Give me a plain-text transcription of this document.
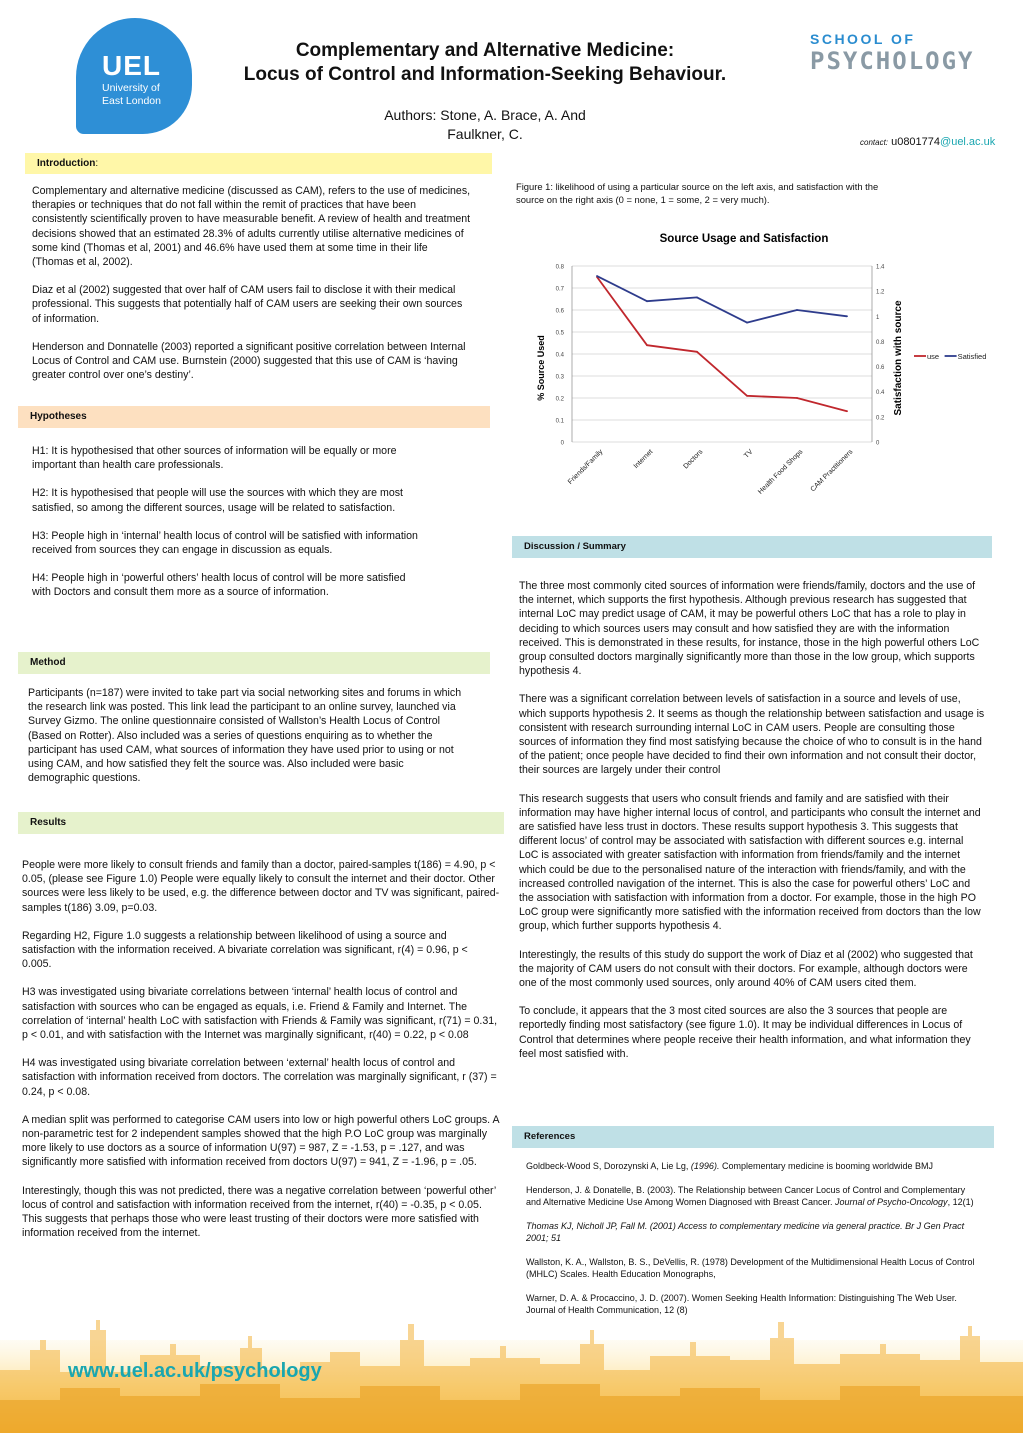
UEL
University of
East London
Complementary and Alternative Medicine:
Locus of Control and Information-Seeking Behaviour.
Authors: Stone, A. Brace, A. And
Faulkner, C.
SCHOOL OF
PSYCHOLOGY
contact: u0801774@uel.ac.uk
Introduction:

Complementary and alternative medicine (discussed as CAM), refers to the use of medicines, therapies or techniques that do not fall within the remit of practices that have been consistently scientifically proven to have measurable benefit. A review of health and treatment decisions showed that an estimated 28.3% of adults currently utilise alternative medicines of some kind (Thomas et al, 2001) and 46.6% have used them at some time in their life (Thomas et al, 2002).

Diaz et al (2002) suggested that over half of CAM users fail to disclose it with their medical professional. This suggests that potentially half of CAM users are seeking their own sources of information.

Henderson and Donnatelle (2003) reported a significant positive correlation between Internal Locus of Control and CAM use. Burnstein (2000) suggested that this use of CAM is ‘having greater control over one’s destiny’.

Hypotheses

H1: It is hypothesised that other sources of information will be equally or more important than health care professionals.

H2: It is hypothesised that people will use the sources with which they are most satisfied, so among the different sources, usage will be related to satisfaction.

H3: People high in ‘internal’ health locus of control will be satisfied with information received from sources they can engage in discussion as equals.

H4: People high in ‘powerful others’ health locus of control will be more satisfied with Doctors and consult them more as a source of information.

Method

Participants (n=187) were invited to take part via social networking sites and forums in which the research link was posted. This link lead the participant to an online survey, launched via Survey Gizmo. The online questionnaire consisted of Wallston’s Health Locus of Control (Based on Rotter). Also included was a series of questions enquiring as to whether the participant has used CAM, what sources of information they have used prior to using or not using CAM, and how satisfied they felt the source was. Also included were basic demographic questions.

Results

People were more likely to consult friends and family than a doctor, paired-samples t(186) = 4.90, p < 0.05, (please see Figure 1.0) People were equally likely to consult the internet and their doctor. Other sources were less likely to be used, e.g. the difference between doctor and TV was significant, paired-samples t(186) 3.09, p=0.03.

Regarding H2, Figure 1.0 suggests a relationship between likelihood of using a source and satisfaction with the information received. A bivariate correlation was significant, r(4) = 0.96, p < 0.005.

H3 was investigated using bivariate correlations between ‘internal’ health locus of control and satisfaction with sources who can be engaged as equals, i.e. Friend & Family and Internet. The correlation of ‘internal’ health LoC with satisfaction with Friends & Family was significant, r(71) = 0.31, p < 0.01, and with satisfaction with the Internet was marginally significant, r(40) = 0.22, p < 0.08

H4 was investigated using bivariate correlation between ‘external’ health locus of control and satisfaction with information received from doctors. The correlation was marginally significant, r (37) = 0.24, p < 0.08.

A median split was performed to categorise CAM users into low or high powerful others LoC groups. A non-parametric test for 2 independent samples showed that the high P.O LoC group was marginally more likely to use doctors as a source of information U(97) = 987, Z = -1.53, p = .127, and was significantly more satisfied with information received from doctors U(97) = 941, Z = -1.96, p = .05.

Interestingly, though this was not predicted, there was a negative correlation between ‘powerful other’ locus of control and satisfaction with information received from the internet, r(40) = -0.35, p < 0.05. This suggests that perhaps those who were least trusting of their doctors were more satisfied with information received from the internet.

Figure 1: likelihood of using a particular source on the left axis, and satisfaction with the source on the right axis (0 = none, 1 = some, 2 = very much).
Source Usage and Satisfaction
0
0.1
0.2
0.3
0.4
0.5
0.6
0.7
0.8
0
0.2
0.4
0.6
0.8
1
1.2
1.4
Friends/Family	Internet	Doctors	TV Health Food Shops CAM Practitioners
% Source Used	Satisfaction with source	use Satisfied
Discussion / Summary

The three most commonly cited sources of information were friends/family, doctors and the use of the internet, which supports the first hypothesis. Although previous research has suggested that internal LoC may predict usage of CAM, it may be powerful others LoC that has a role to play in deciding to which sources users may consult and how satisfied they are with the information received. This is demonstrated in these results, for instance, those in the high powerful others LoC group consulted doctors marginally significantly more than those in the low group, which supports hypothesis 4.

There was a significant correlation between levels of satisfaction in a source and levels of use, which supports hypothesis 2. It seems as though the relationship between satisfaction and usage is consistent with research surrounding internal LoC in CAM users. People are consulting those sources of information they find most satisfying because the choice of who to consult is in the hand of the patient; once people have decided to find their own information and not consult their doctor, their sources are largely under their control

This research suggests that users who consult friends and family and are satisfied with their information may have higher internal locus of control, and participants who consult the internet and are satisfied have less trust in doctors. These results support hypothesis 3. This suggests that different locus’ of control may be associated with satisfaction with different sources e.g. internal LoC is associated with greater satisfaction with information from friends/family and the internet which could be due to the personalised nature of the interaction with friends/family, and with the increased controlled navigation of the internet. This is also the case for powerful others’ LoC and the association with satisfaction with information from a doctor. For example, those in the high PO LoC group were significantly more satisfied with the information received from doctors than the low group, which further supports hypothesis 4.

Interestingly, the results of this study do support the work of Diaz et al (2002) who suggested that the majority of CAM users do not consult with their doctors. For example, although doctors were one of the most commonly used sources, only around 40% of CAM users cited them.

To conclude, it appears that the 3 most cited sources are also the 3 sources that people are reportedly finding most satisfactory (see figure 1.0). It may be individual differences in Locus of Control that determines where people receive their health information, and what information they feel most satisfied with.

References

Goldbeck-Wood S, Dorozynski A, Lie Lg, (1996). Complementary medicine is booming worldwide BMJ

Henderson, J. & Donatelle, B. (2003). The Relationship between Cancer Locus of Control and Complementary and Alternative Medicine Use Among Women Diagnosed with Breast Cancer. Journal of Psycho-Oncology, 12(1)

Thomas KJ, Nicholl JP, Fall M. (2001) Access to complementary medicine via general practice. Br J Gen Pract 2001; 51

Wallston, K. A., Wallston, B. S., DeVellis, R. (1978) Development of the Multidimensional Health Locus of Control (MHLC) Scales. Health Education Monographs,

Warner, D. A. & Procaccino, J. D. (2007). Women Seeking Health Information: Distinguishing The Web User. Journal of Health Communication, 12 (8)

www.uel.ac.uk/psychology
